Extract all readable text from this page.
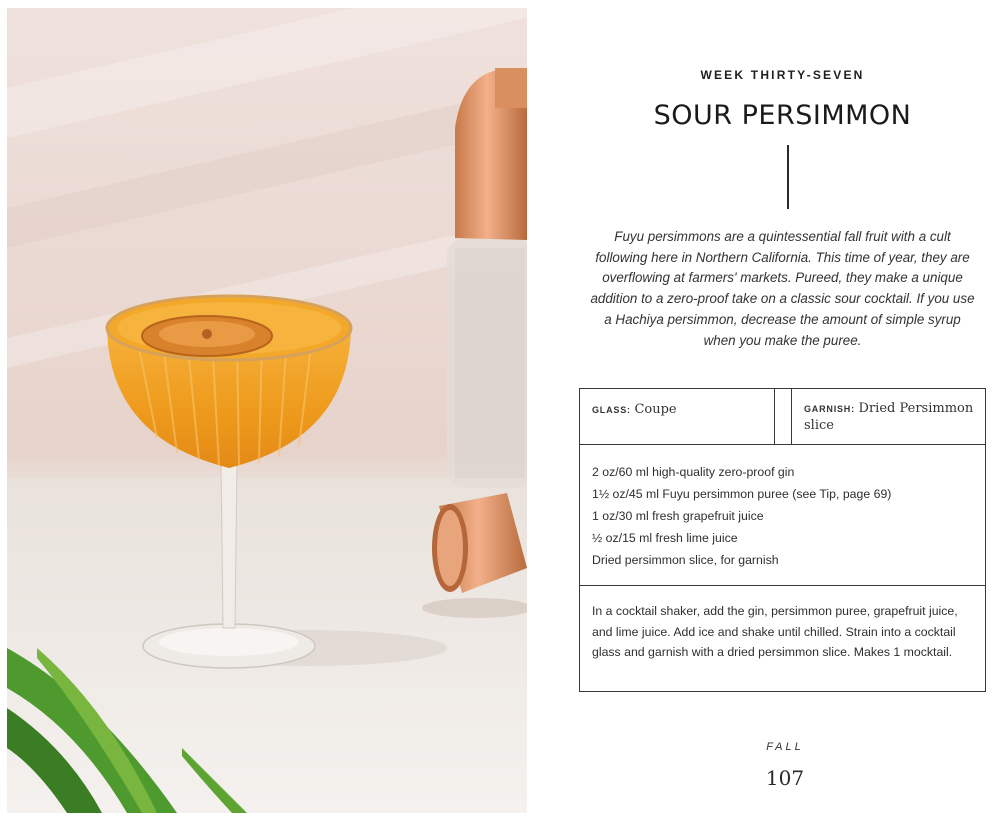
WEEK THIRTY-SEVEN
SOUR PERSIMMON

Fuyu persimmons are a quintessential fall fruit with a cult following here in Northern California. This time of year, they are overflowing at farmers' markets. Pureed, they make a unique addition to a zero-proof take on a classic sour cocktail. If you use a Hachiya persimmon, decrease the amount of simple syrup when you make the puree.

GLASS: Coupe	GARNISH: Dried Persimmon slice
2 oz/60 ml high-quality zero-proof gin
1½ oz/45 ml Fuyu persimmon puree (see Tip, page 69)
1 oz/30 ml fresh grapefruit juice
½ oz/15 ml fresh lime juice
Dried persimmon slice, for garnish

In a cocktail shaker, add the gin, persimmon puree, grapefruit juice, and lime juice. Add ice and shake until chilled. Strain into a cocktail glass and garnish with a dried persimmon slice. Makes 1 mocktail.

FALL
107
